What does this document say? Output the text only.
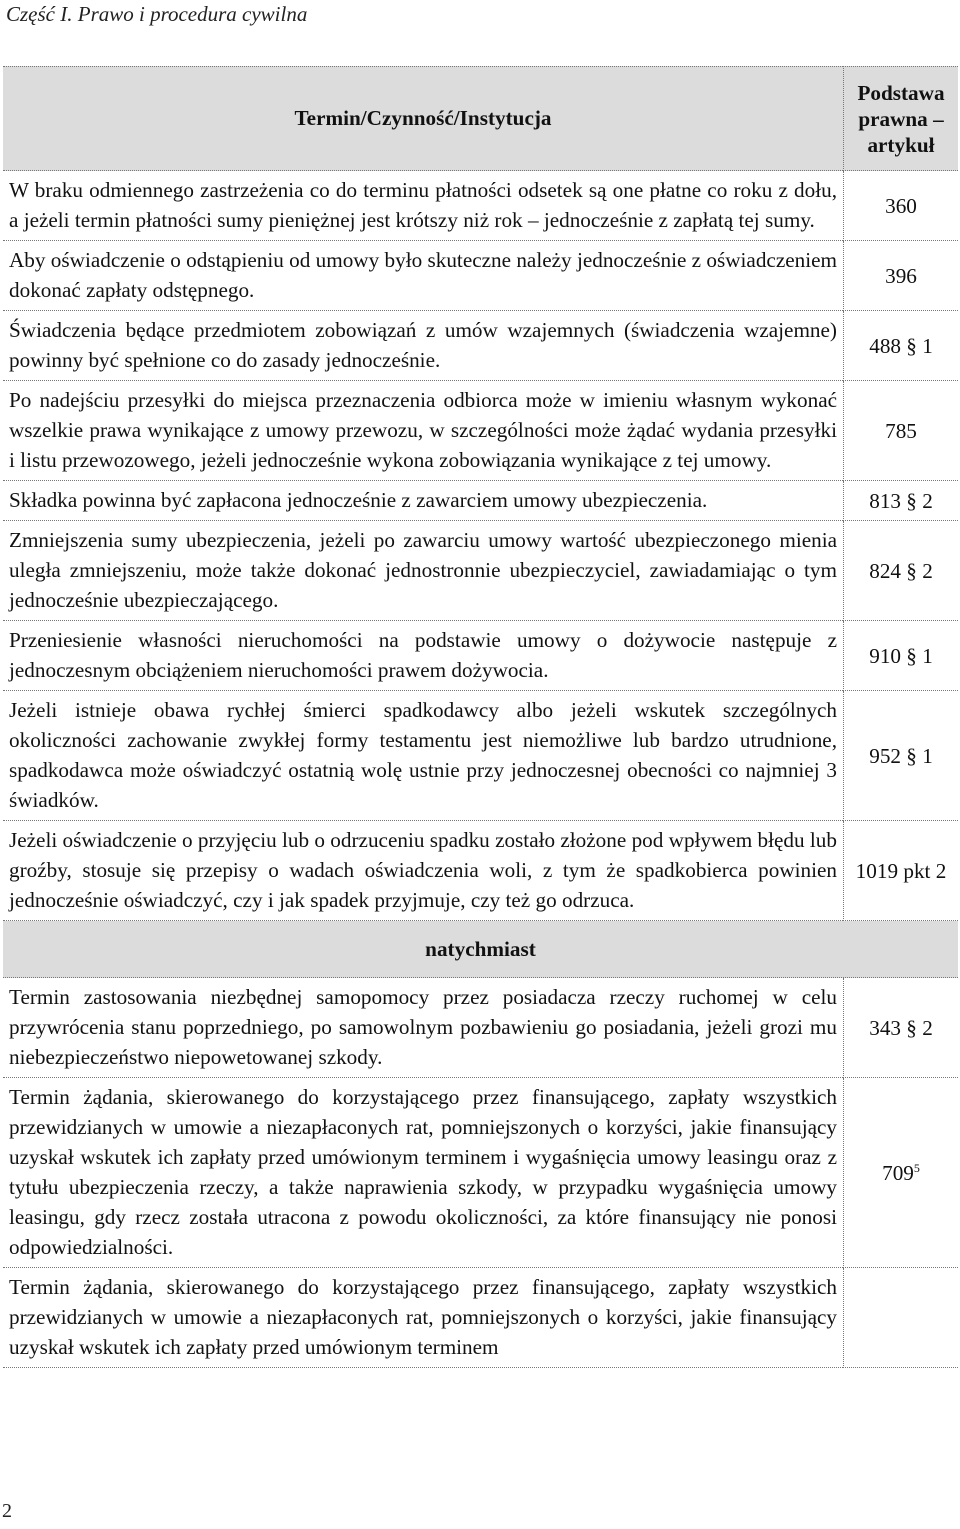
Część I. Prawo i procedura cywilna
Termin/Czynność/Instytucja	Podstawa prawna – artykuł
W braku odmiennego zastrzeżenia co do terminu płatności odsetek są one płatne co roku z dołu, a jeżeli termin płatności sumy pieniężnej jest krótszy niż rok – jednocześnie z zapłatą tej sumy.	360
Aby oświadczenie o odstąpieniu od umowy było skuteczne należy jednocześnie z oświadczeniem dokonać zapłaty odstępnego.	396
Świadczenia będące przedmiotem zobowiązań z umów wzajemnych (świadczenia wzajemne) powinny być spełnione co do zasady jednocześnie.	488 § 1
Po nadejściu przesyłki do miejsca przeznaczenia odbiorca może w imieniu własnym wykonać wszelkie prawa wynikające z umowy przewozu, w szczególności może żądać wydania przesyłki i listu przewozowego, jeżeli jednocześnie wykona zobowiązania wynikające z tej umowy.	785
Składka powinna być zapłacona jednocześnie z zawarciem umowy ubezpieczenia.	813 § 2
Zmniejszenia sumy ubezpieczenia, jeżeli po zawarciu umowy wartość ubezpieczonego mienia uległa zmniejszeniu, może także dokonać jednostronnie ubezpieczyciel, zawiadamiając o tym jednocześnie ubezpieczającego.	824 § 2
Przeniesienie własności nieruchomości na podstawie umowy o dożywocie następuje z jednoczesnym obciążeniem nieruchomości prawem dożywocia.	910 § 1
Jeżeli istnieje obawa rychłej śmierci spadkodawcy albo jeżeli wskutek szczególnych okoliczności zachowanie zwykłej formy testamentu jest niemożliwe lub bardzo utrudnione, spadkodawca może oświadczyć ostatnią wolę ustnie przy jednoczesnej obecności co najmniej 3 świadków.	952 § 1
Jeżeli oświadczenie o przyjęciu lub o odrzuceniu spadku zostało złożone pod wpływem błędu lub groźby, stosuje się przepisy o wadach oświadczenia woli, z tym że spadkobierca powinien jednocześnie oświadczyć, czy i jak spadek przyjmuje, czy też go odrzuca.	1019 pkt 2
natychmiast	
Termin zastosowania niezbędnej samopomocy przez posiadacza rzeczy ruchomej w celu przywrócenia stanu poprzedniego, po samowolnym pozbawieniu go posiadania, jeżeli grozi mu niebezpieczeństwo niepowetowanej szkody.	343 § 2
Termin żądania, skierowanego do korzystającego przez finansującego, zapłaty wszystkich przewidzianych w umowie a niezapłaconych rat, pomniejszonych o korzyści, jakie finansujący uzyskał wskutek ich zapłaty przed umówionym terminem i wygaśnięcia umowy leasingu oraz z tytułu ubezpieczenia rzeczy, a także naprawienia szkody, w przypadku wygaśnięcia umowy leasingu, gdy rzecz została utracona z powodu okoliczności, za które finansujący nie ponosi odpowiedzialności.	$709^5$
Termin żądania, skierowanego do korzystającego przez finansującego, zapłaty wszystkich przewidzianych w umowie a niezapłaconych rat, pomniejszonych o korzyści, jakie finansujący uzyskał wskutek ich zapłaty przed umówionym terminem	
2
